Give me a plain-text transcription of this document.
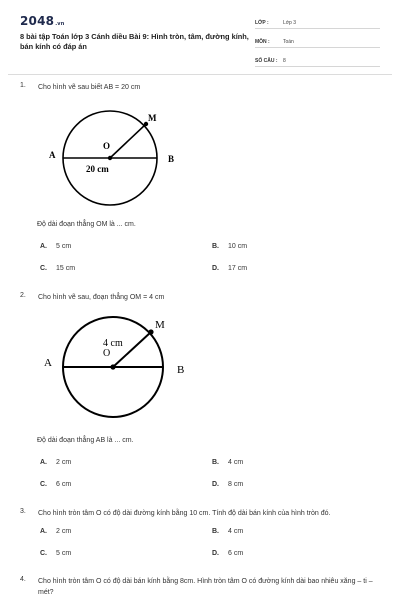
2048.vn
8 bài tập Toán lớp 3 Cánh diều Bài 9: Hình tròn, tâm, đường kính, bán kính có đáp án
LỚP :	Lớp 3
MÔN :	Toán
SỐ CÂU :	8
1.	Cho hình vẽ sau biết AB = 20 cm
A	B
O
M
20 cm
Độ dài đoạn thẳng OM là ... cm.
A.	5 cm	B.	10 cm
C.	15 cm	D.	17 cm
2.	Cho hình vẽ sau, đoạn thẳng OM = 4 cm
A
B
O
M
4 cm
Độ dài đoạn thẳng AB là ... cm.
A.	2 cm	B.	4 cm
C.	6 cm	D.	8 cm
3.	Cho hình tròn tâm O có độ dài đường kính bằng 10 cm. Tính độ dài bán kính của hình tròn đó.
A.	2 cm	B.	4 cm
C.	5 cm	D.	6 cm
4.	Cho hình tròn tâm O có độ dài bán kính bằng 8cm. Hình tròn tâm O có đường kính dài bao nhiêu xăng – ti – mét?
